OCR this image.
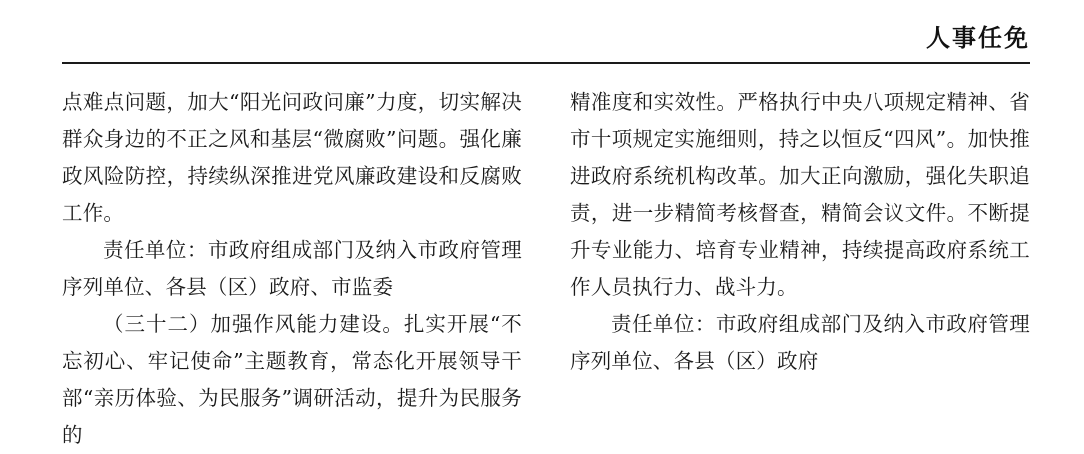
人事任免

点难点问题，加大“阳光问政问廉”力度，切实解决群众身边的不正之风和基层“微腐败”问题。强化廉政风险防控，持续纵深推进党风廉政建设和反腐败工作。

责任单位：市政府组成部门及纳入市政府管理序列单位、各县（区）政府、市监委

（三十二）加强作风能力建设。扎实开展“不忘初心、牢记使命”主题教育，常态化开展领导干部“亲历体验、为民服务”调研活动，提升为民服务的

精准度和实效性。严格执行中央八项规定精神、省市十项规定实施细则，持之以恒反“四风”。加快推进政府系统机构改革。加大正向激励，强化失职追责，进一步精简考核督查，精简会议文件。不断提升专业能力、培育专业精神，持续提高政府系统工作人员执行力、战斗力。

责任单位：市政府组成部门及纳入市政府管理序列单位、各县（区）政府
